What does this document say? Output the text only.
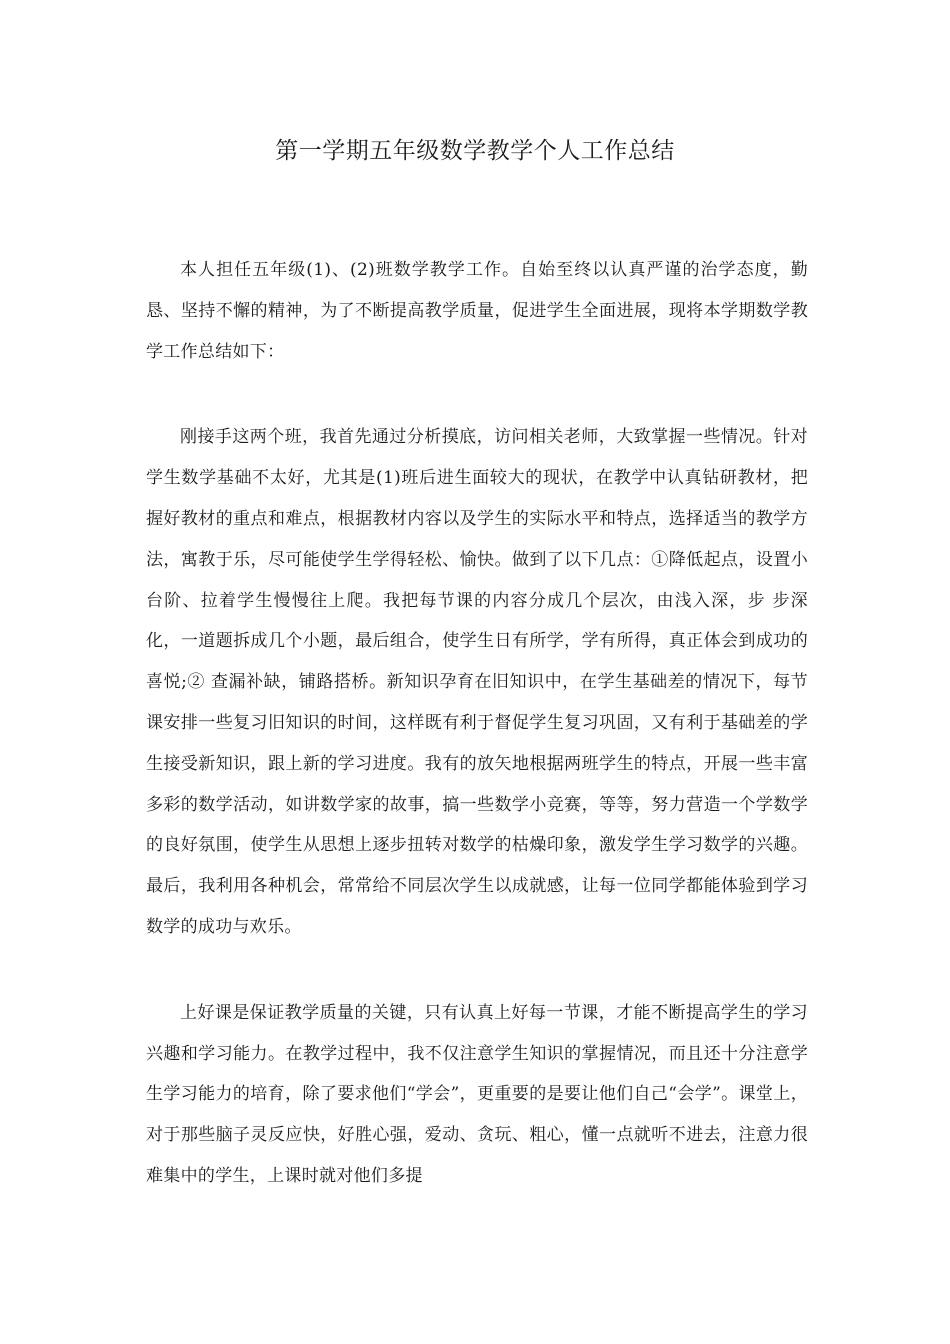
第一学期五年级数学教学个人工作总结

本人担任五年级(1)、(2)班数学教学工作。自始至终以认真严谨的治学态度，勤恳、坚持不懈的精神，为了不断提高教学质量，促进学生全面进展，现将本学期数学教学工作总结如下：

刚接手这两个班，我首先通过分析摸底，访问相关老师，大致掌握一些情况。针对学生数学基础不太好，尤其是(1)班后进生面较大的现状，在教学中认真钻研教材，把握好教材的重点和难点，根据教材内容以及学生的实际水平和特点，选择适当的教学方法，寓教于乐，尽可能使学生学得轻松、愉快。做到了以下几点：①降低起点，设置小台阶、拉着学生慢慢往上爬。我把每节课的内容分成几个层次，由浅入深，步 步深化，一道题拆成几个小题，最后组合，使学生日有所学，学有所得，真正体会到成功的喜悦;② 查漏补缺，铺路搭桥。新知识孕育在旧知识中，在学生基础差的情况下，每节课安排一些复习旧知识的时间，这样既有利于督促学生复习巩固，又有利于基础差的学生接受新知识，跟上新的学习进度。我有的放矢地根据两班学生的特点，开展一些丰富多彩的数学活动，如讲数学家的故事，搞一些数学小竞赛，等等，努力营造一个学数学的良好氛围，使学生从思想上逐步扭转对数学的枯燥印象，激发学生学习数学的兴趣。最后，我利用各种机会，常常给不同层次学生以成就感，让每一位同学都能体验到学习数学的成功与欢乐。

上好课是保证教学质量的关键，只有认真上好每一节课，才能不断提高学生的学习兴趣和学习能力。在教学过程中，我不仅注意学生知识的掌握情况，而且还十分注意学生学习能力的培育，除了要求他们“学会”，更重要的是要让他们自己“会学”。课堂上，对于那些脑子灵反应快，好胜心强，爱动、贪玩、粗心，懂一点就听不进去，注意力很难集中的学生，上课时就对他们多提
